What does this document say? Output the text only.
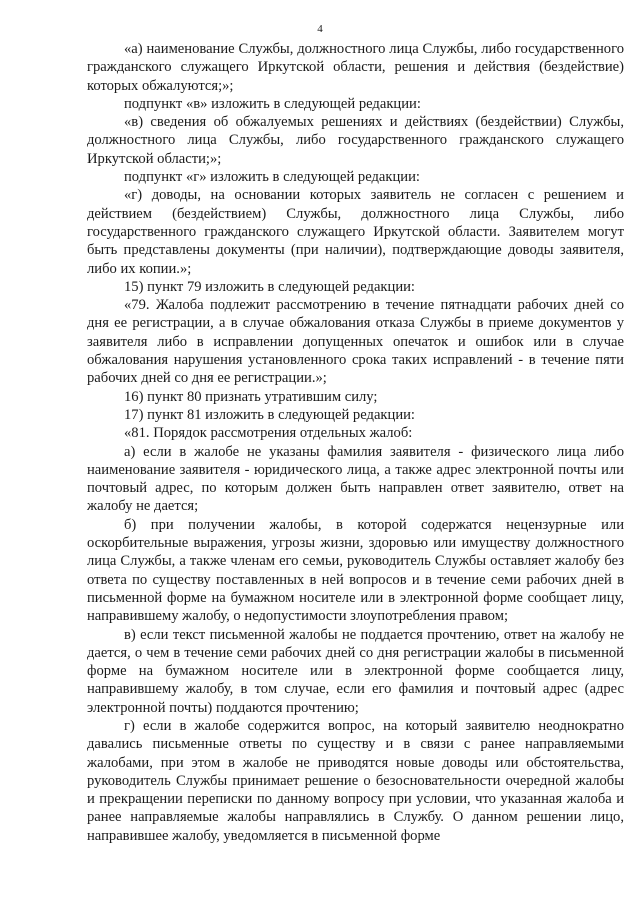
4

«а) наименование Службы, должностного лица Службы, либо государственного гражданского служащего Иркутской области, решения и действия (бездействие) которых обжалуются;»;

подпункт «в» изложить в следующей редакции:

«в) сведения об обжалуемых решениях и действиях (бездействии) Службы, должностного лица Службы, либо государственного гражданского служащего Иркутской области;»;

подпункт «г» изложить в следующей редакции:

«г) доводы, на основании которых заявитель не согласен с решением и действием (бездействием) Службы, должностного лица Службы, либо государственного гражданского служащего Иркутской области. Заявителем могут быть представлены документы (при наличии), подтверждающие доводы заявителя, либо их копии.»;

15) пункт 79 изложить в следующей редакции:

«79. Жалоба подлежит рассмотрению в течение пятнадцати рабочих дней со дня ее регистрации, а в случае обжалования отказа Службы в приеме документов у заявителя либо в исправлении допущенных опечаток и ошибок или в случае обжалования нарушения установленного срока таких исправлений - в течение пяти рабочих дней со дня ее регистрации.»;

16) пункт 80 признать утратившим силу;

17) пункт 81 изложить в следующей редакции:

«81. Порядок рассмотрения отдельных жалоб:

а) если в жалобе не указаны фамилия заявителя - физического лица либо наименование заявителя - юридического лица, а также адрес электронной почты или почтовый адрес, по которым должен быть направлен ответ заявителю, ответ на жалобу не дается;

б) при получении жалобы, в которой содержатся нецензурные или оскорбительные выражения, угрозы жизни, здоровью или имуществу должностного лица Службы, а также членам его семьи, руководитель Службы оставляет жалобу без ответа по существу поставленных в ней вопросов и в течение семи рабочих дней в письменной форме на бумажном носителе или в электронной форме сообщает лицу, направившему жалобу, о недопустимости злоупотребления правом;

в) если текст письменной жалобы не поддается прочтению, ответ на жалобу не дается, о чем в течение семи рабочих дней со дня регистрации жалобы в письменной форме на бумажном носителе или в электронной форме сообщается лицу, направившему жалобу, в том случае, если его фамилия и почтовый адрес (адрес электронной почты) поддаются прочтению;

г) если в жалобе содержится вопрос, на который заявителю неоднократно давались письменные ответы по существу и в связи с ранее направляемыми жалобами, при этом в жалобе не приводятся новые доводы или обстоятельства, руководитель Службы принимает решение о безосновательности очередной жалобы и прекращении переписки по данному вопросу при условии, что указанная жалоба и ранее направляемые жалобы направлялись в Службу. О данном решении лицо, направившее жалобу, уведомляется в письменной форме
